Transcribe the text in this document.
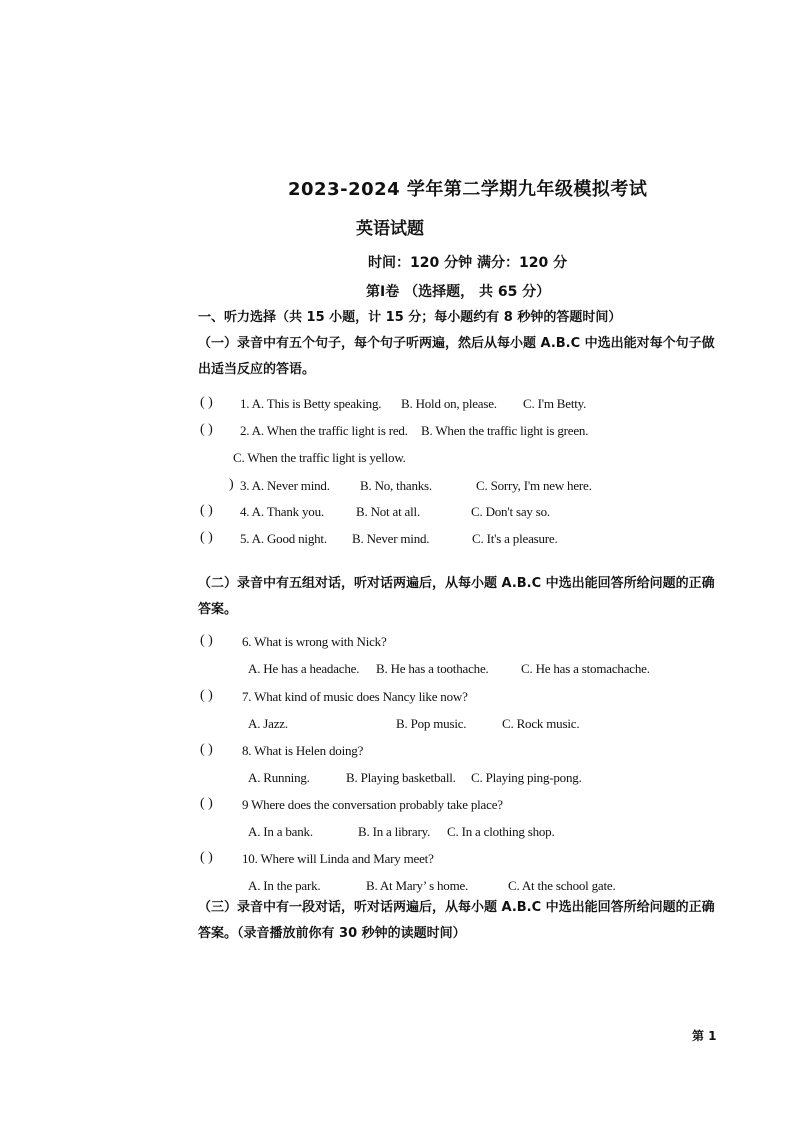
2023-2024 学年第二学期九年级模拟考试
英语试题
时间：120 分钟 满分：120 分
第Ⅰ卷 （选择题， 共 65 分）
一、听力选择（共 15 小题，计 15 分；每小题约有 8 秒钟的答题时间）
（一）录音中有五个句子，每个句子听两遍，然后从每小题 A.B.C 中选出能对每个句子做
出适当反应的答语。
( ) 1. A. This is Betty speaking. B. Hold on, please. C. I'm Betty.
( ) 2. A. When the traffic light is red. B. When the traffic light is green.
C. When the traffic light is yellow.
) 3. A. Never mind. B. No, thanks.	C. Sorry, I'm new here.
( ) 4. A. Thank you. B. Not at all.	C. Don't say so.
( ) 5. A. Good night. B. Never mind.	C. It's a pleasure.
（二）录音中有五组对话，听对话两遍后，从每小题 A.B.C 中选出能回答所给问题的正确
答案。
( ) 6. What is wrong with Nick?
A. He has a headache. B. He has a toothache. C. He has a stomachache.
( ) 7. What kind of music does Nancy like now?
A. Jazz.	B. Pop music.	C. Rock music.
( ) 8. What is Helen doing?
A. Running.	B. Playing basketball. C. Playing ping-pong.
( ) 9 Where does the conversation probably take place?
A. In a bank.	B. In a library. C. In a clothing shop.
( ) 10. Where will Linda and Mary meet?
A. In the park.	B. At Mary’ s home.	C. At the school gate.
（三）录音中有一段对话，听对话两遍后，从每小题 A.B.C 中选出能回答所给问题的正确
答案。（录音播放前你有 30 秒钟的读题时间）
第 1
